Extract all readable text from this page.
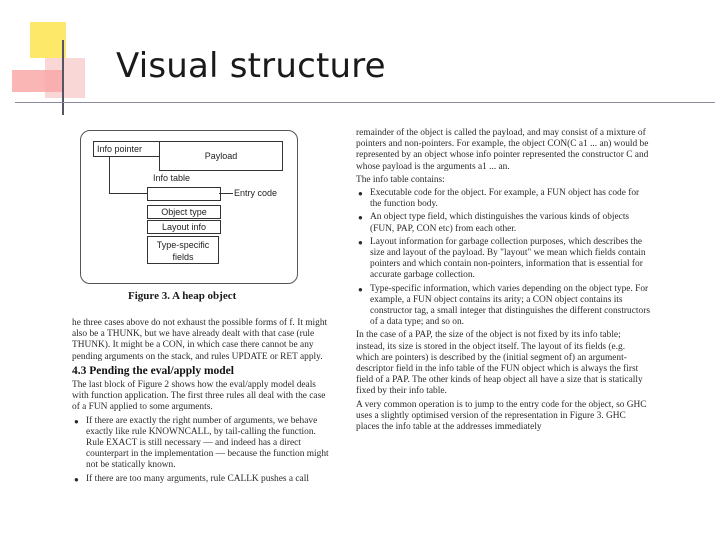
Visual structure
Info pointer
Payload
Info table
Entry code
Object type
Layout info
Type-specific fields
Figure 3. A heap object

he three cases above do not exhaust the possible forms of f. It might also be a THUNK, but we have already dealt with that case (rule THUNK). It might be a CON, in which case there cannot be any pending arguments on the stack, and rules UPDATE or RET apply.

4.3 Pending the eval/apply model

The last block of Figure 2 shows how the eval/apply model deals with function application. The first three rules all deal with the case of a FUN applied to some arguments.

● If there are exactly the right number of arguments, we behave exactly like rule KNOWNCALL, by tail-calling the function. Rule EXACT is still necessary — and indeed has a direct counterpart in the implementation — because the function might not be statically known.
● If there are too many arguments, rule CALLK pushes a call

remainder of the object is called the payload, and may consist of a mixture of pointers and non-pointers. For example, the object CON(C a1 ... an) would be represented by an object whose info pointer represented the constructor C and whose payload is the arguments a1 ... an.

The info table contains:

● Executable code for the object. For example, a FUN object has code for the function body.
● An object type field, which distinguishes the various kinds of objects (FUN, PAP, CON etc) from each other.
● Layout information for garbage collection purposes, which describes the size and layout of the payload. By "layout" we mean which fields contain pointers and which contain non-pointers, information that is essential for accurate garbage collection.
● Type-specific information, which varies depending on the object type. For example, a FUN object contains its arity; a CON object contains its constructor tag, a small integer that distinguishes the different constructors of a data type; and so on.

In the case of a PAP, the size of the object is not fixed by its info table; instead, its size is stored in the object itself. The layout of its fields (e.g. which are pointers) is described by the (initial segment of) an argument-descriptor field in the info table of the FUN object which is always the first field of a PAP. The other kinds of heap object all have a size that is statically fixed by their info table.

A very common operation is to jump to the entry code for the object, so GHC uses a slightly optimised version of the representation in Figure 3. GHC places the info table at the addresses immediately
